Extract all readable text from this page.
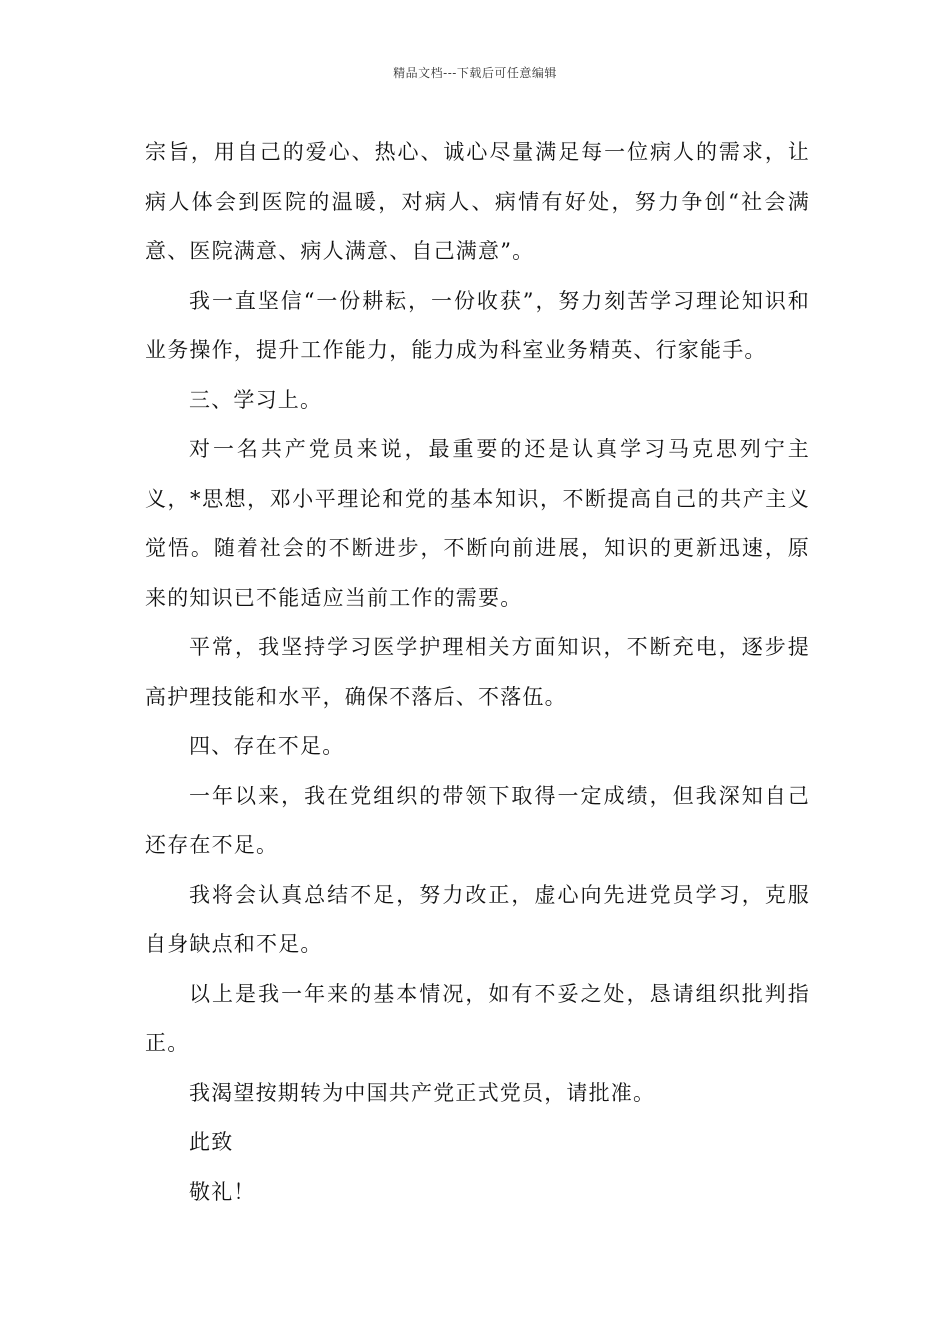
精品文档---下载后可任意编辑

宗旨，用自己的爱心、热心、诚心尽量满足每一位病人的需求，让病人体会到医院的温暖，对病人、病情有好处，努力争创“社会满意、医院满意、病人满意、自己满意”。

我一直坚信“一份耕耘，一份收获”，努力刻苦学习理论知识和业务操作，提升工作能力，能力成为科室业务精英、行家能手。

三、学习上。

对一名共产党员来说，最重要的还是认真学习马克思列宁主义，*思想，邓小平理论和党的基本知识，不断提高自己的共产主义觉悟。随着社会的不断进步，不断向前进展，知识的更新迅速，原来的知识已不能适应当前工作的需要。

平常，我坚持学习医学护理相关方面知识，不断充电，逐步提高护理技能和水平，确保不落后、不落伍。

四、存在不足。

一年以来，我在党组织的带领下取得一定成绩，但我深知自己还存在不足。

我将会认真总结不足，努力改正，虚心向先进党员学习，克服自身缺点和不足。

以上是我一年来的基本情况，如有不妥之处，恳请组织批判指正。

我渴望按期转为中国共产党正式党员，请批准。

此致

敬礼！
